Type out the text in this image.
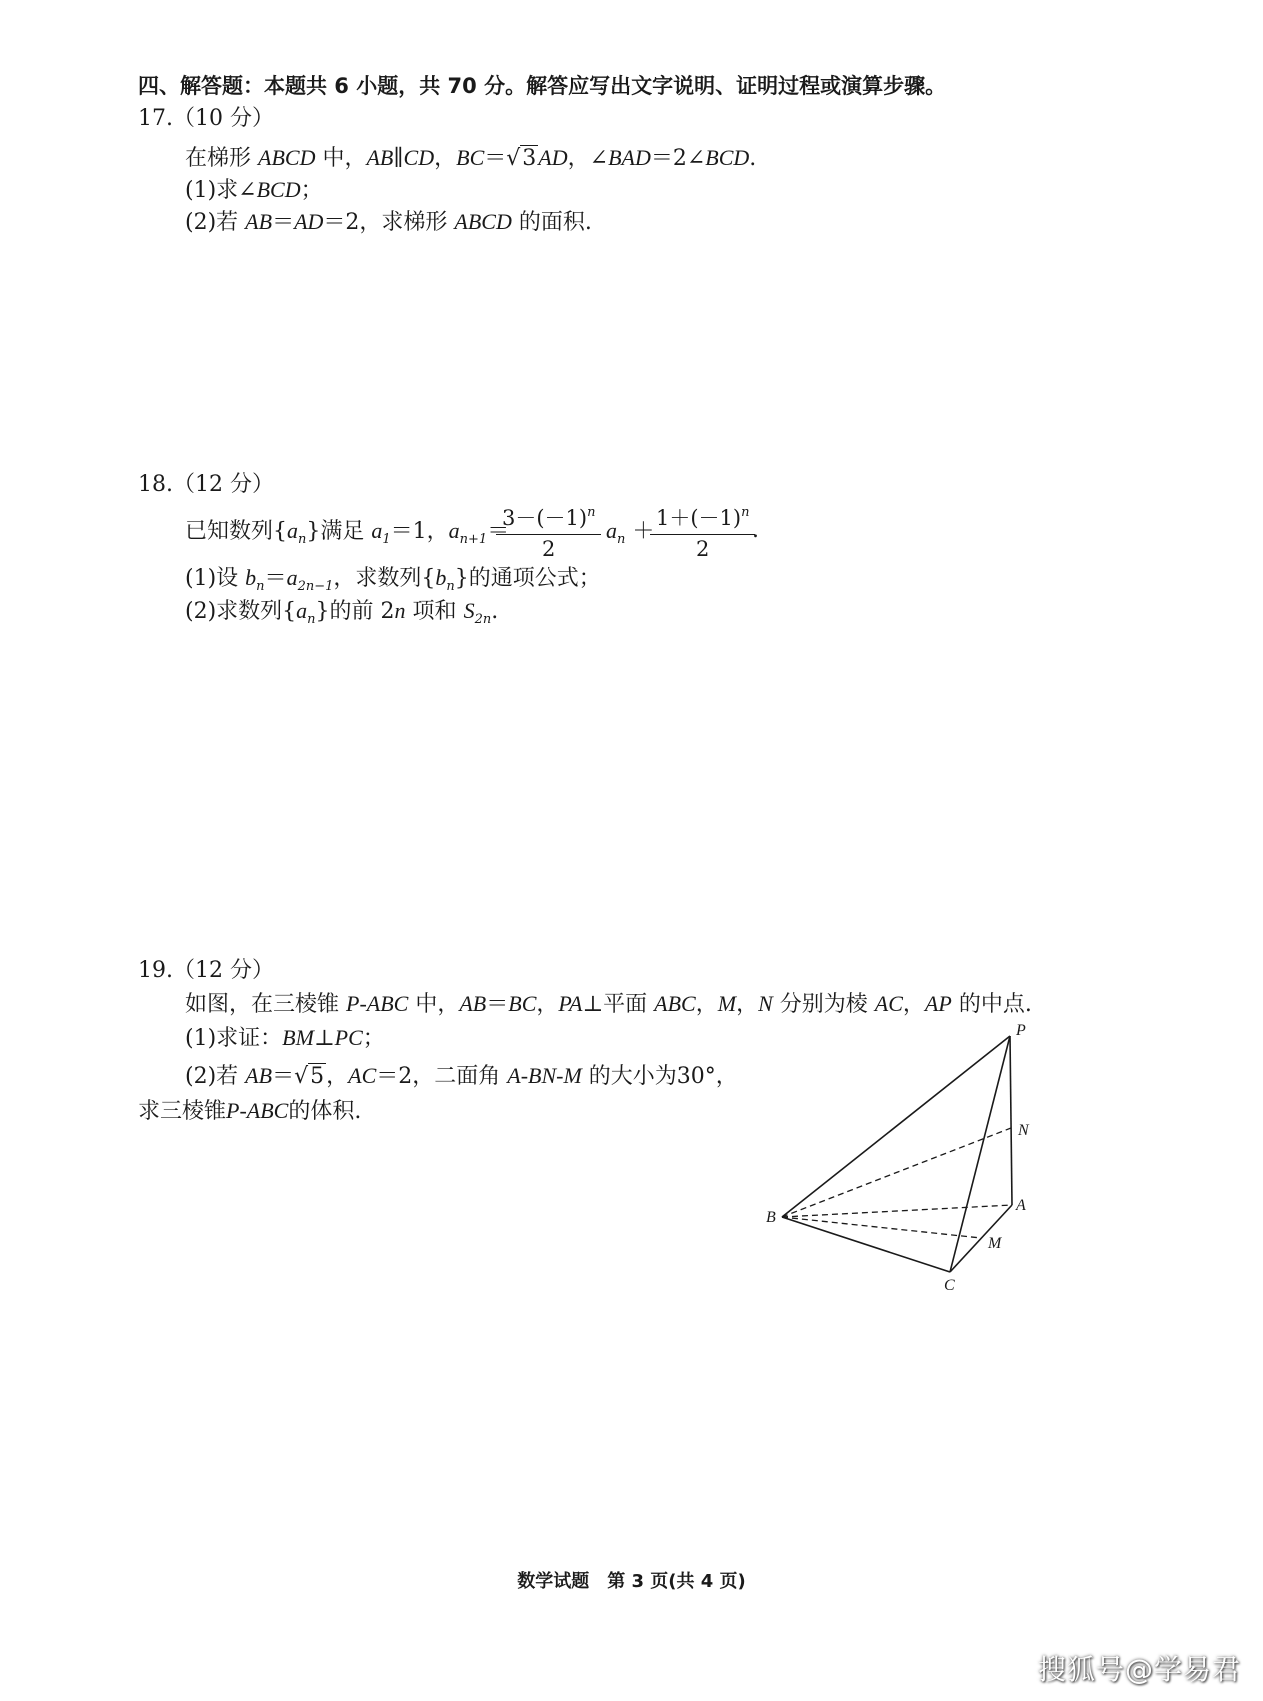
四、解答题：本题共 6 小题，共 70 分。解答应写出文字说明、证明过程或演算步骤。
17.（10 分）
在梯形 ABCD 中，AB∥CD，BC＝√3AD，∠BAD＝2∠BCD.
(1)求∠BCD；
(2)若 AB＝AD＝2，求梯形 ABCD 的面积.
18.（12 分）
已知数列$\{a_n\}$满足 $a_1=1$，$a_{n+1}=$
$\frac{3-(-1)^n}{2} a_n$ ＋
$\frac{1+(-1)^n}{2}$
.
(1)设 $b_n=a_{2n-1}$，求数列$\{b_n\}$的通项公式；
(2)求数列$\{a_n\}$的前 2n 项和 $S_{2n}$.
19.（12 分）
如图，在三棱锥 P-ABC 中，AB＝BC，PA⊥平面 ABC，M，N 分别为棱 AC，AP 的中点.
(1)求证：BM⊥PC；
(2)若 AB＝√5，AC＝2，二面角 A-BN-M 的大小为30°，
求三棱锥P-ABC的体积.
P
N
A
M
B
C
数学试题　第 3 页(共 4 页)
搜狐号@学易君
